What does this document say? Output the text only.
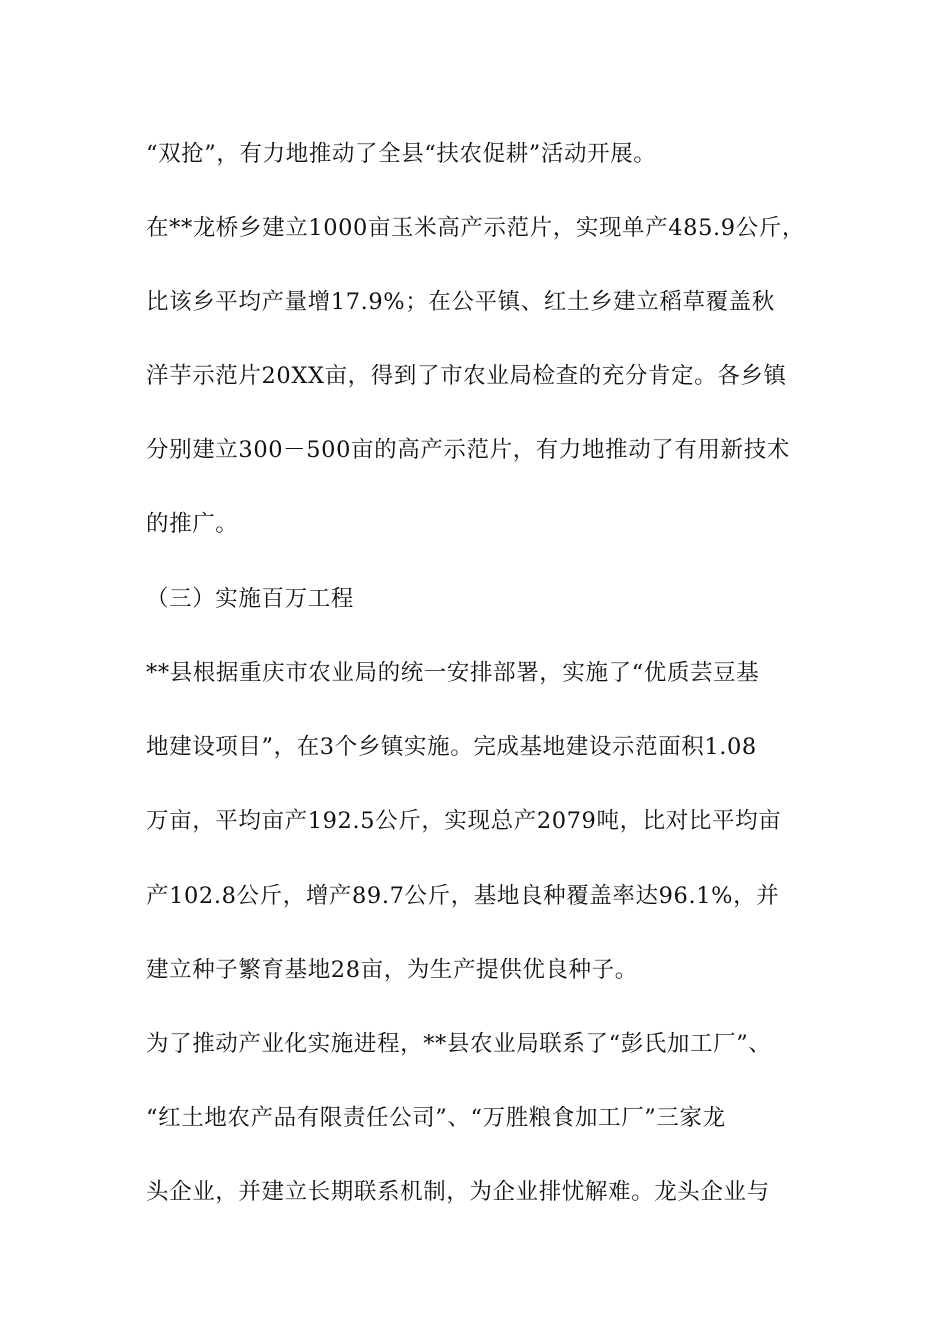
“双抢”，有力地推动了全县“扶农促耕”活动开展。
在**龙桥乡建立1000亩玉米高产示范片，实现单产485.9公斤，
比该乡平均产量增17.9%；在公平镇、红土乡建立稻草覆盖秋
洋芋示范片20XX亩，得到了市农业局检查的充分肯定。各乡镇
分别建立300－500亩的高产示范片，有力地推动了有用新技术
的推广。
（三）实施百万工程
**县根据重庆市农业局的统一安排部署，实施了“优质芸豆基
地建设项目”，在3个乡镇实施。完成基地建设示范面积1.08
万亩，平均亩产192.5公斤，实现总产2079吨，比对比平均亩
产102.8公斤，增产89.7公斤，基地良种覆盖率达96.1%，并
建立种子繁育基地28亩，为生产提供优良种子。
为了推动产业化实施进程，**县农业局联系了“彭氏加工厂”、
“红土地农产品有限责任公司”、“万胜粮食加工厂”三家龙
头企业，并建立长期联系机制，为企业排忧解难。龙头企业与
